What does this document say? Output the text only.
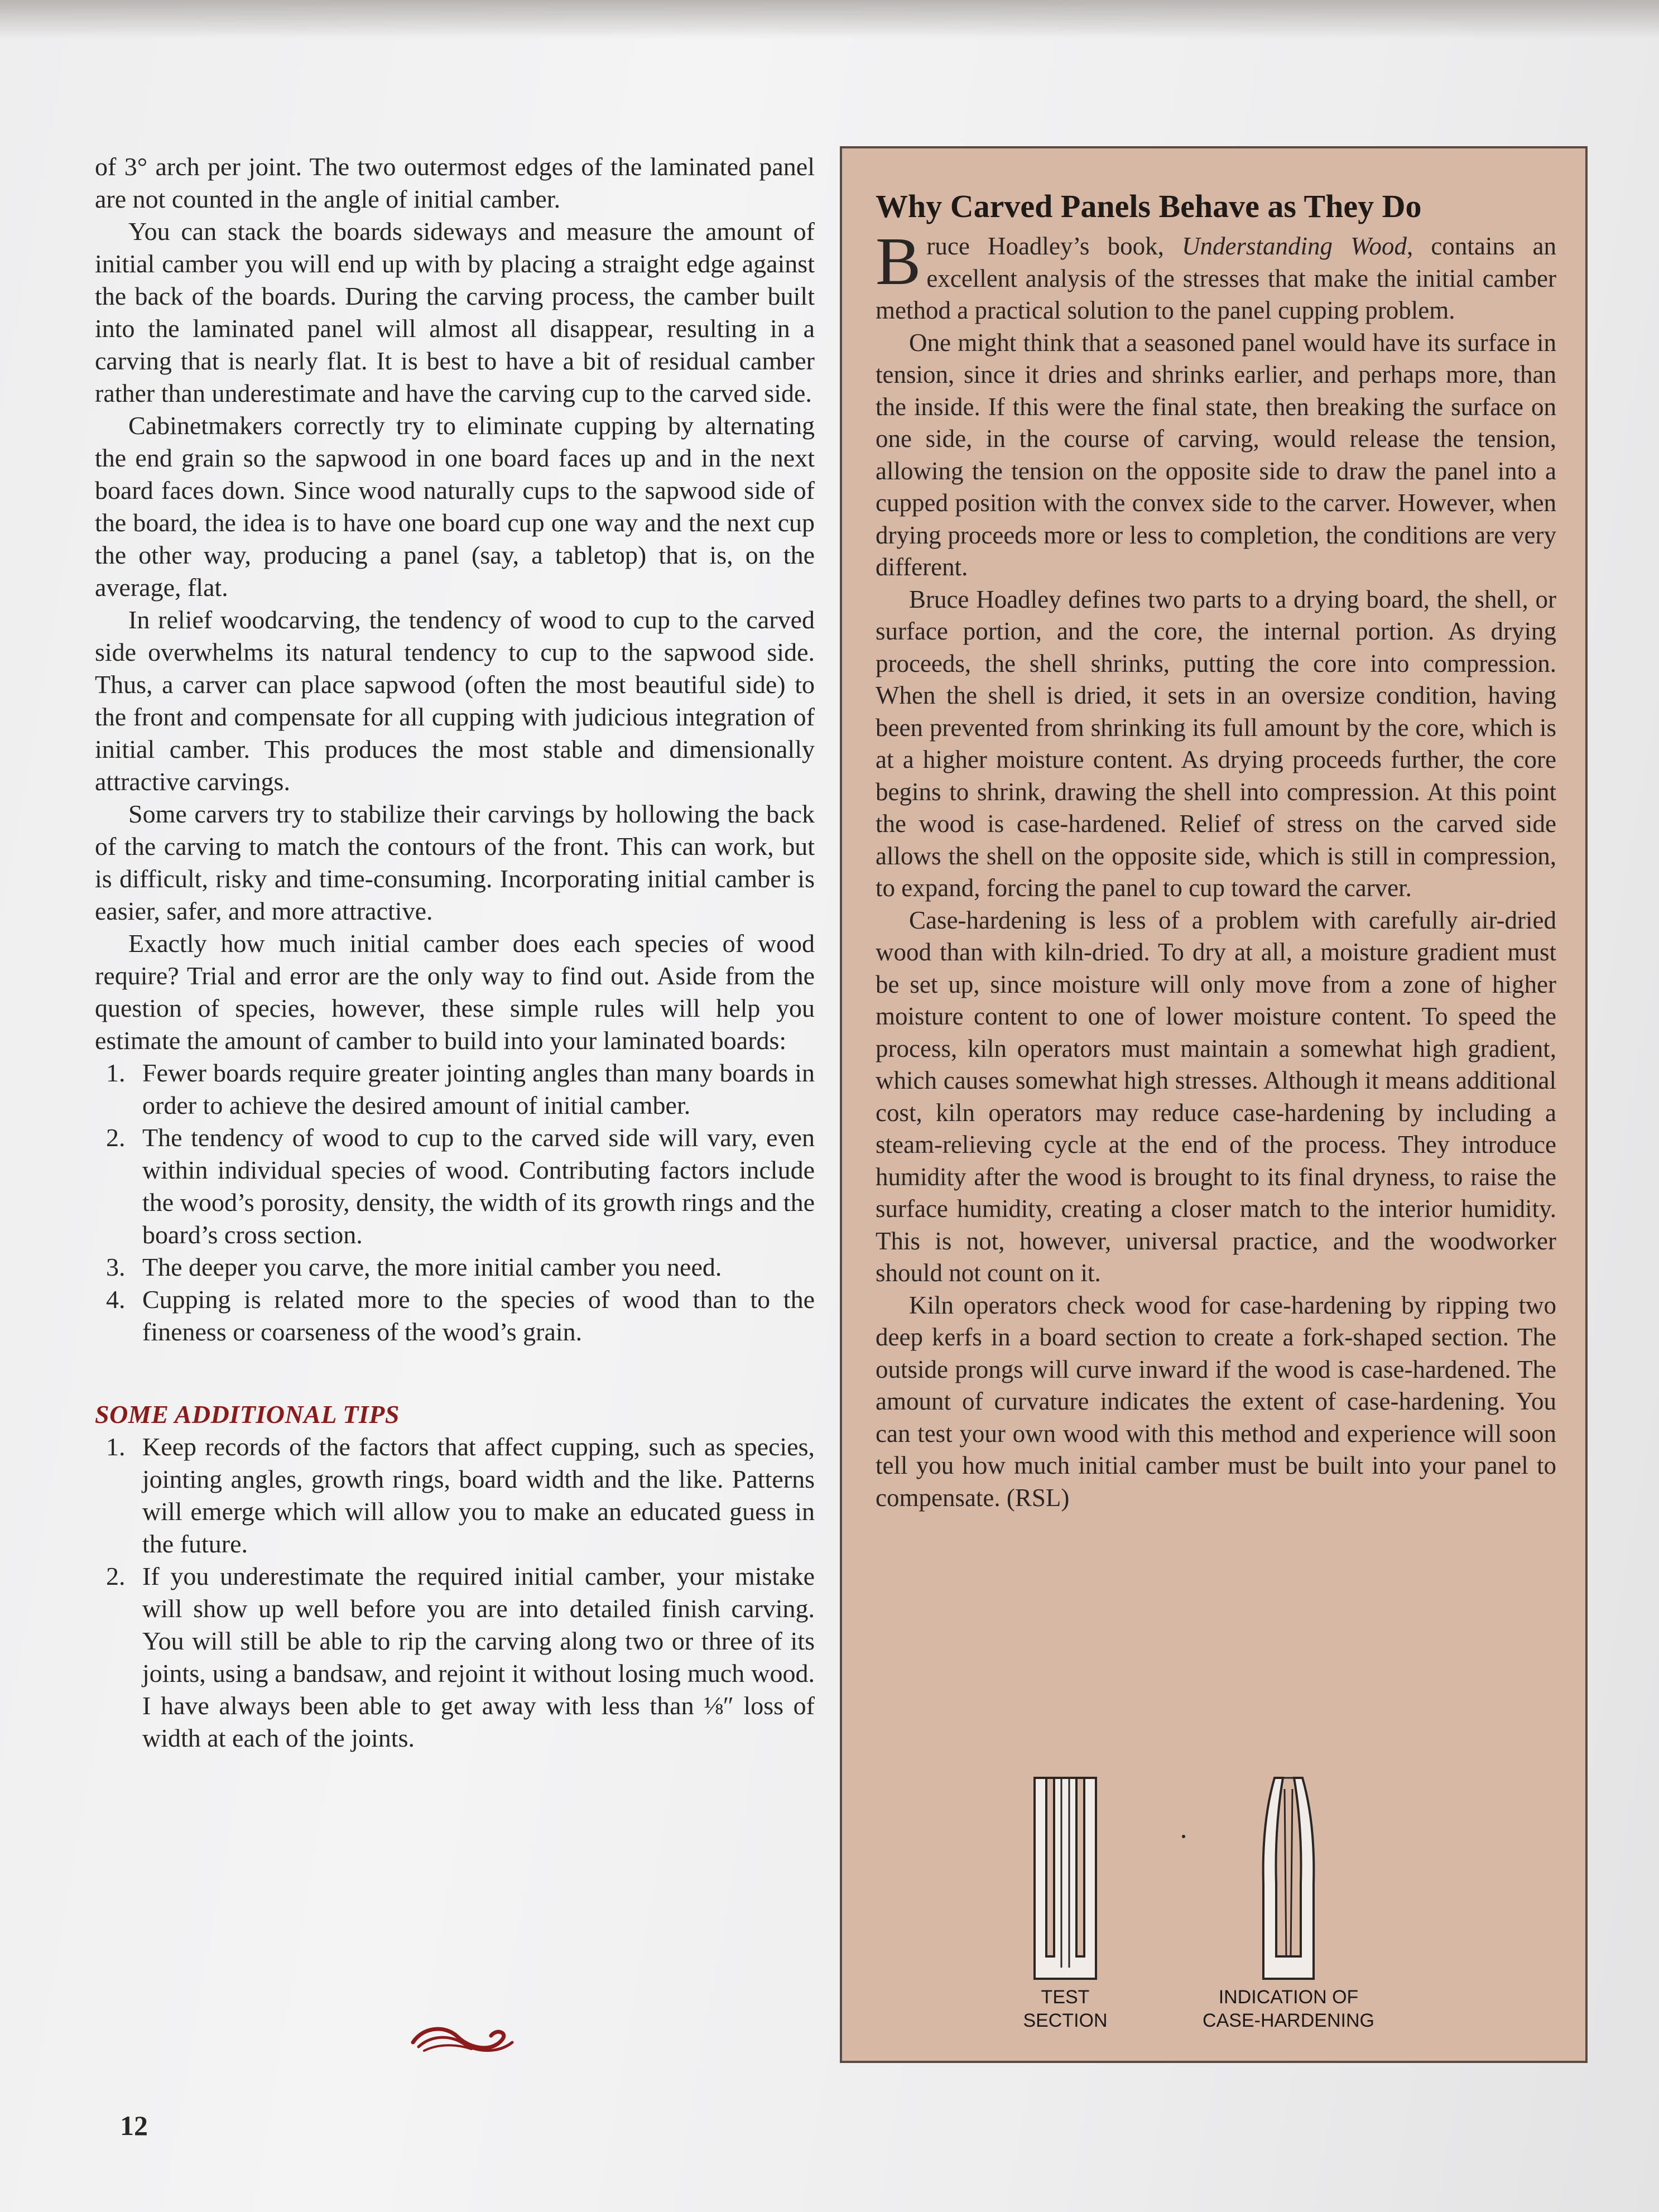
of 3° arch per joint. The two outermost edges of the laminated panel are not counted in the angle of initial camber.

You can stack the boards sideways and measure the amount of initial camber you will end up with by placing a straight edge against the back of the boards. During the carving process, the camber built into the laminated panel will almost all disappear, resulting in a carving that is nearly flat. It is best to have a bit of residual camber rather than underestimate and have the carving cup to the carved side.

Cabinetmakers correctly try to eliminate cupping by alternating the end grain so the sapwood in one board faces up and in the next board faces down. Since wood naturally cups to the sapwood side of the board, the idea is to have one board cup one way and the next cup the other way, producing a panel (say, a tabletop) that is, on the average, flat.

In relief woodcarving, the tendency of wood to cup to the carved side overwhelms its natural tendency to cup to the sapwood side. Thus, a carver can place sapwood (often the most beautiful side) to the front and compensate for all cupping with judicious integration of initial camber. This produces the most stable and dimensionally attractive carvings.

Some carvers try to stabilize their carvings by hollowing the back of the carving to match the contours of the front. This can work, but is difficult, risky and time-consuming. Incorporating initial camber is easier, safer, and more attractive.

Exactly how much initial camber does each species of wood require? Trial and error are the only way to find out. Aside from the question of species, however, these simple rules will help you estimate the amount of camber to build into your laminated boards:

1. Fewer boards require greater jointing angles than many boards in order to achieve the desired amount of initial camber.
2. The tendency of wood to cup to the carved side will vary, even within individual species of wood. Contributing factors include the wood’s porosity, density, the width of its growth rings and the board’s cross section.
3. The deeper you carve, the more initial camber you need.
4. Cupping is related more to the species of wood than to the fineness or coarseness of the wood’s grain.

SOME ADDITIONAL TIPS

1. Keep records of the factors that affect cupping, such as species, jointing angles, growth rings, board width and the like. Patterns will emerge which will allow you to make an educated guess in the future.
2. If you underestimate the required initial camber, your mistake will show up well before you are into detailed finish carving. You will still be able to rip the carving along two or three of its joints, using a bandsaw, and rejoint it without losing much wood. I have always been able to get away with less than ⅛″ loss of width at each of the joints.
12

Why Carved Panels Behave as They Do

Bruce Hoadley’s book, Understanding Wood, contains an excellent analysis of the stresses that make the initial camber method a practical solution to the panel cupping problem.

One might think that a seasoned panel would have its surface in tension, since it dries and shrinks earlier, and perhaps more, than the inside. If this were the final state, then breaking the surface on one side, in the course of carving, would release the tension, allowing the tension on the opposite side to draw the panel into a cupped position with the convex side to the carver. However, when drying proceeds more or less to completion, the conditions are very different.

Bruce Hoadley defines two parts to a drying board, the shell, or surface portion, and the core, the internal portion. As drying proceeds, the shell shrinks, putting the core into compression. When the shell is dried, it sets in an oversize condition, having been prevented from shrinking its full amount by the core, which is at a higher moisture content. As drying proceeds further, the core begins to shrink, drawing the shell into compression. At this point the wood is case-hardened. Relief of stress on the carved side allows the shell on the opposite side, which is still in compression, to expand, forcing the panel to cup toward the carver.

Case-hardening is less of a problem with carefully air-dried wood than with kiln-dried. To dry at all, a moisture gradient must be set up, since moisture will only move from a zone of higher moisture content to one of lower moisture content. To speed the process, kiln operators must maintain a somewhat high gradient, which causes somewhat high stresses. Although it means additional cost, kiln operators may reduce case-hardening by including a steam-relieving cycle at the end of the process. They introduce humidity after the wood is brought to its final dryness, to raise the surface humidity, creating a closer match to the interior humidity. This is not, however, universal practice, and the woodworker should not count on it.

Kiln operators check wood for case-hardening by ripping two deep kerfs in a board section to create a fork-shaped section. The outside prongs will curve inward if the wood is case-hardened. The amount of curvature indicates the extent of case-hardening. You can test your own wood with this method and experience will soon tell you how much initial camber must be built into your panel to compensate. (RSL)

TEST SECTION
INDICATION OF
CASE-HARDENING
